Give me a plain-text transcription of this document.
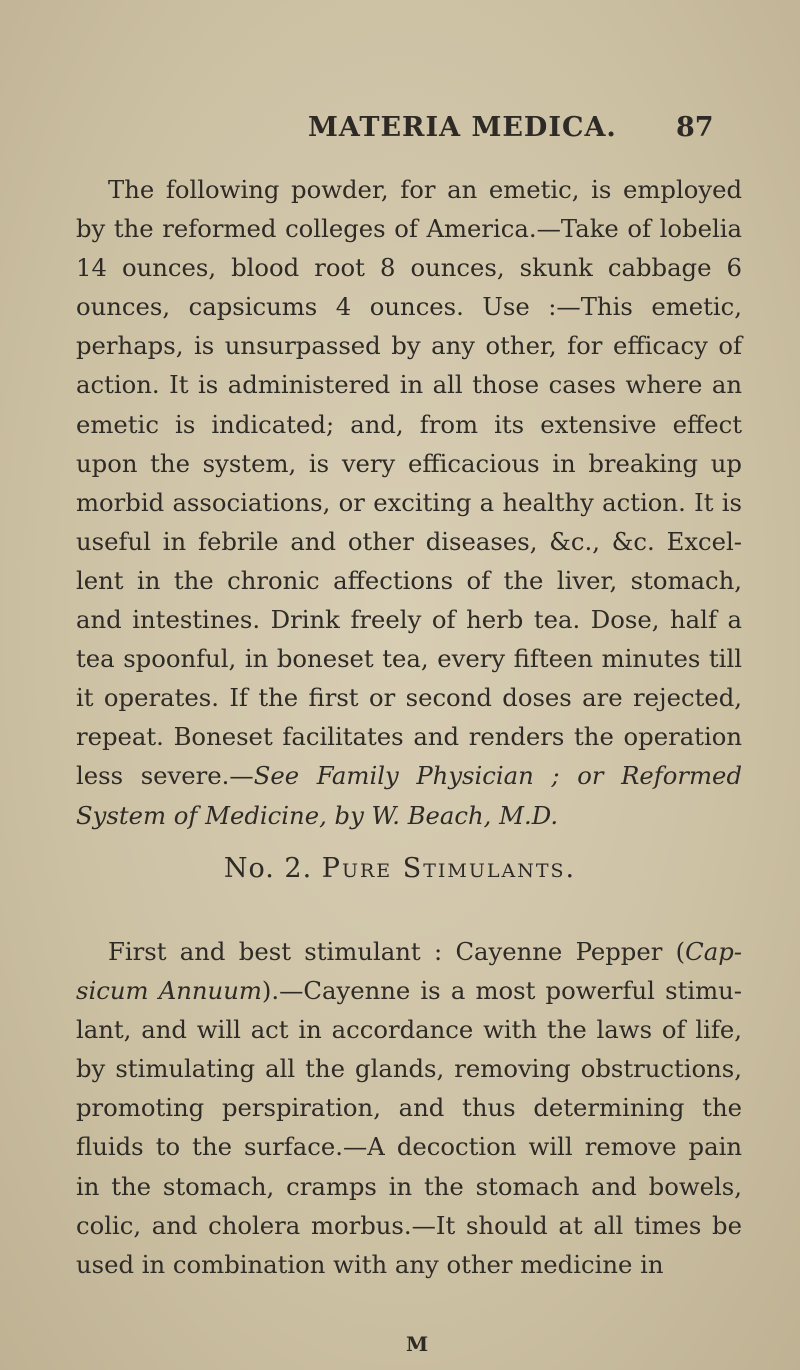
MATERIA MEDICA. 87

The following powder, for an emetic, is employed by the reformed colleges of America.—Take of lobelia 14 ounces, blood root 8 ounces, skunk cabbage 6 ounces, capsicums 4 ounces. Use :—This emetic, perhaps, is unsurpassed by any other, for efficacy of action. It is administered in all those cases where an emetic is indicated; and, from its extensive effect upon the system, is very efficacious in breaking up morbid associations, or exciting a healthy action. It is useful in febrile and other diseases, &c., &c. Excel- lent in the chronic affections of the liver, stomach, and intestines. Drink freely of herb tea. Dose, half a tea spoonful, in boneset tea, every fifteen minutes till it operates. If the first or second doses are rejected, repeat. Boneset facilitates and renders the operation less severe.—See Family Physician ; or Reformed System of Medicine, by W. Beach, M.D.

No. 2. Pure Stimulants.

First and best stimulant : Cayenne Pepper (Cap- sicum Annuum).—Cayenne is a most powerful stimu- lant, and will act in accordance with the laws of life, by stimulating all the glands, removing obstructions, promoting perspiration, and thus determining the fluids to the surface.—A decoction will remove pain in the stomach, cramps in the stomach and bowels, colic, and cholera morbus.—It should at all times be used in combination with any other medicine in

M
